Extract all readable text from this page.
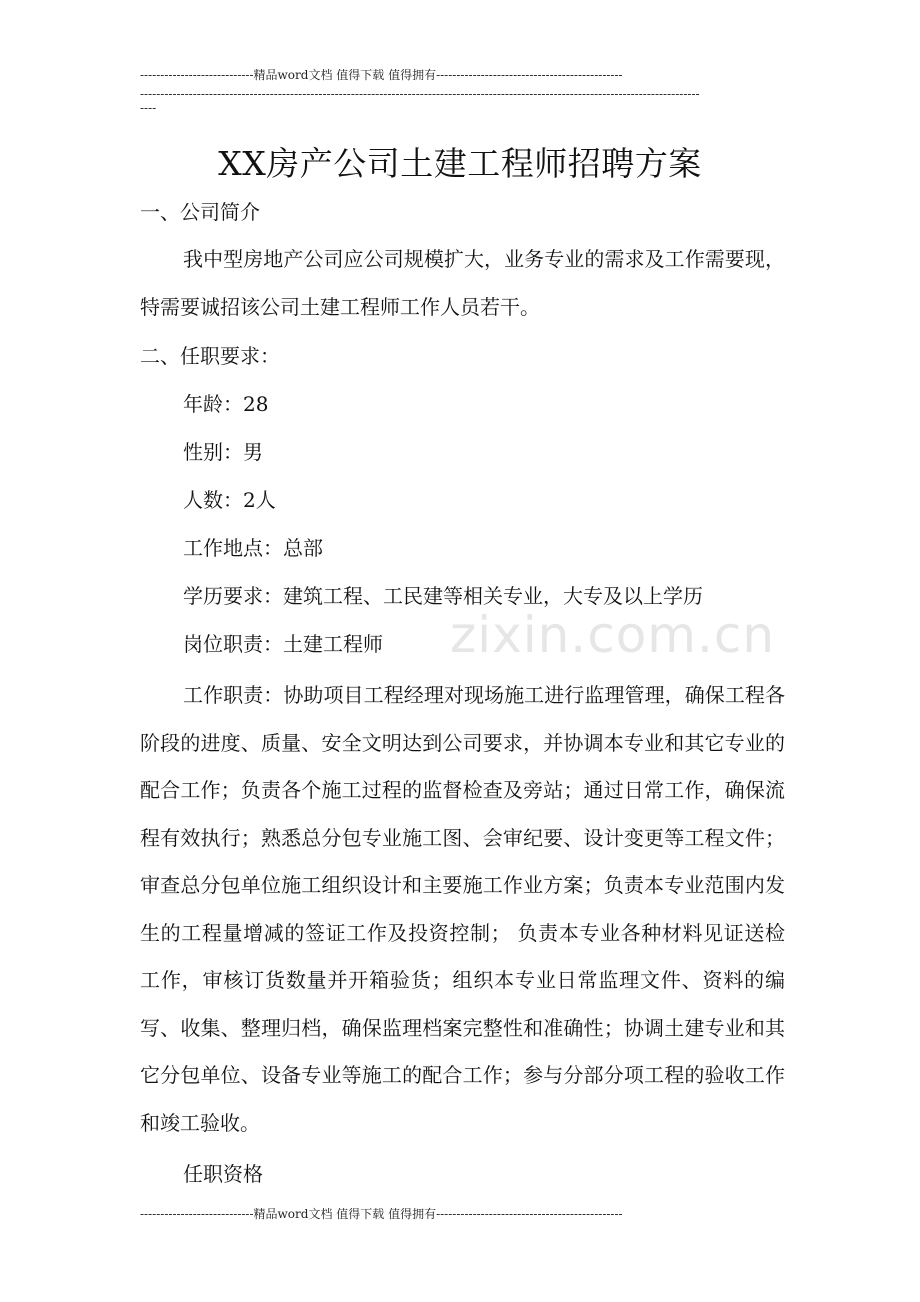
----------------------------精品word文档 值得下载 值得拥有----------------------------------------------
------------------------------------------------------------------------------------------------------------------------------------------
----
XX房产公司土建工程师招聘方案
一、公司简介
我中型房地产公司应公司规模扩大，业务专业的需求及工作需要现，特需要诚招该公司土建工程师工作人员若干。
二、任职要求：
年龄：28
性别：男
人数：2人
工作地点：总部
学历要求：建筑工程、工民建等相关专业，大专及以上学历
岗位职责：土建工程师
工作职责：协助项目工程经理对现场施工进行监理管理，确保工程各阶段的进度、质量、安全文明达到公司要求，并协调本专业和其它专业的配合工作；负责各个施工过程的监督检查及旁站；通过日常工作，确保流程有效执行；熟悉总分包专业施工图、会审纪要、设计变更等工程文件；审查总分包单位施工组织设计和主要施工作业方案；负责本专业范围内发生的工程量增减的签证工作及投资控制； 负责本专业各种材料见证送检工作，审核订货数量并开箱验货；组织本专业日常监理文件、资料的编写、收集、整理归档，确保监理档案完整性和准确性；协调土建专业和其它分包单位、设备专业等施工的配合工作；参与分部分项工程的验收工作和竣工验收。
任职资格
----------------------------精品word文档 值得下载 值得拥有----------------------------------------------
zixin.com.cn
